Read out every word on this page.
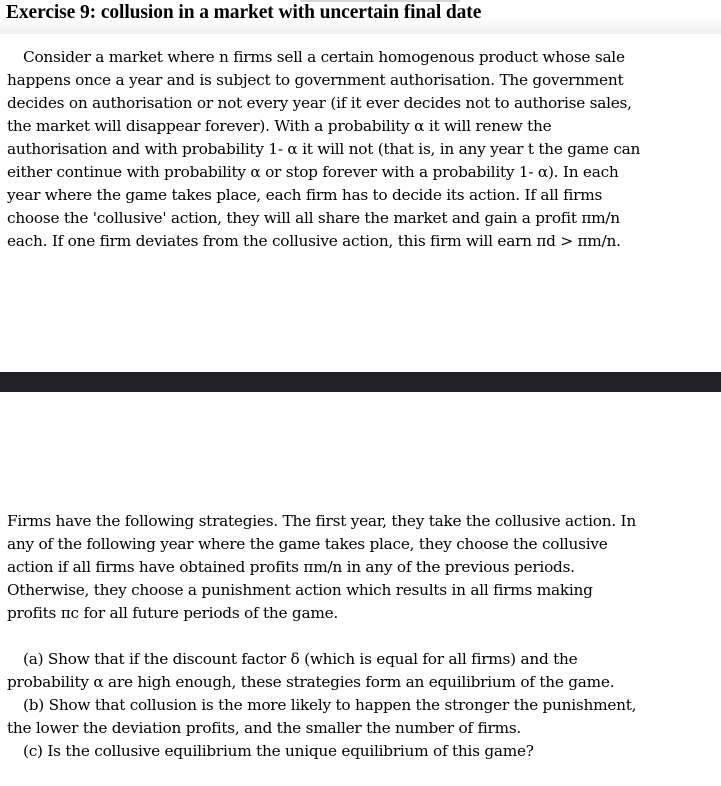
Exercise 9: collusion in a market with uncertain final date
Consider a market where n firms sell a certain homogenous product whose sale
happens once a year and is subject to government authorisation. The government
decides on authorisation or not every year (if it ever decides not to authorise sales,
the market will disappear forever). With a probability α it will renew the
authorisation and with probability 1- α it will not (that is, in any year t the game can
either continue with probability α or stop forever with a probability 1- α). In each
year where the game takes place, each firm has to decide its action. If all firms
choose the 'collusive' action, they will all share the market and gain a profit πm/n
each. If one firm deviates from the collusive action, this firm will earn πd > πm/n.
Firms have the following strategies. The first year, they take the collusive action. In
any of the following year where the game takes place, they choose the collusive
action if all firms have obtained profits πm/n in any of the previous periods.
Otherwise, they choose a punishment action which results in all firms making
profits πc for all future periods of the game.
(a) Show that if the discount factor δ (which is equal for all firms) and the
probability α are high enough, these strategies form an equilibrium of the game.
(b) Show that collusion is the more likely to happen the stronger the punishment,
the lower the deviation profits, and the smaller the number of firms.
(c) Is the collusive equilibrium the unique equilibrium of this game?
